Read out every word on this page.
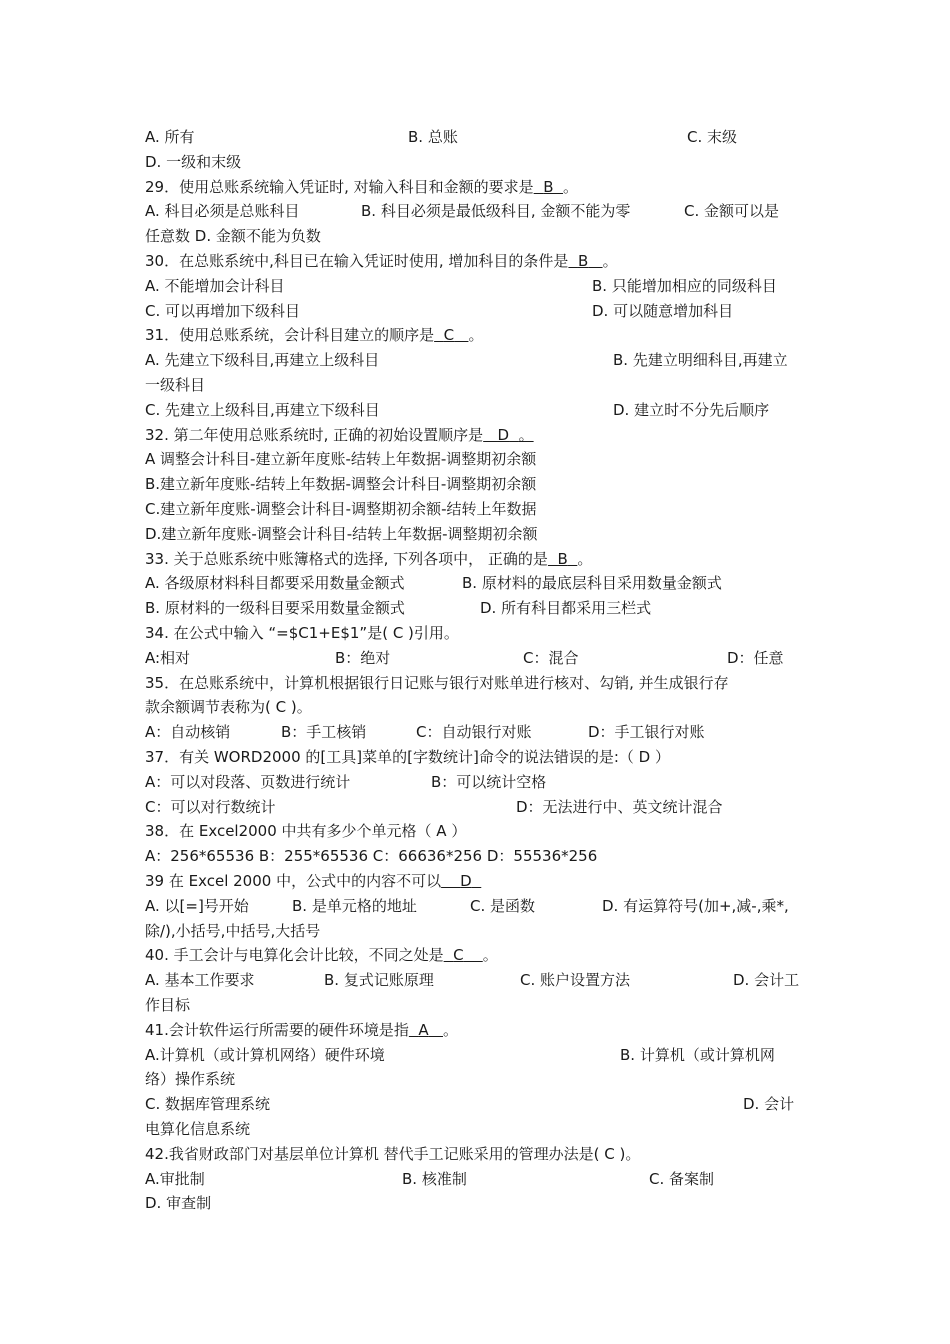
A. 所有	B. 总账	C. 末级
D. 一级和末级
29．使用总账系统输入凭证时, 对输入科目和金额的要求是 B 。
A. 科目必须是总账科目	B. 科目必须是最低级科目, 金额不能为零	C. 金额可以是
任意数 D. 金额不能为负数
30．在总账系统中,科目已在输入凭证时使用, 增加科目的条件是 B 。
A. 不能增加会计科目	B. 只能增加相应的同级科目
C. 可以再增加下级科目	D. 可以随意增加科目
31．使用总账系统，会计科目建立的顺序是 C 。
A. 先建立下级科目,再建立上级科目	B. 先建立明细科目,再建立
一级科目
C. 先建立上级科目,再建立下级科目	D. 建立时不分先后顺序
32. 第二年使用总账系统时, 正确的初始设置顺序是 D 。
A 调整会计科目-建立新年度账-结转上年数据-调整期初余额
B.建立新年度账-结转上年数据-调整会计科目-调整期初余额
C.建立新年度账-调整会计科目-调整期初余额-结转上年数据
D.建立新年度账-调整会计科目-结转上年数据-调整期初余额
33. 关于总账系统中账簿格式的选择, 下列各项中， 正确的是 B 。
A. 各级原材料科目都要采用数量金额式	B. 原材料的最底层科目采用数量金额式
B. 原材料的一级科目要采用数量金额式	D. 所有科目都采用三栏式
34. 在公式中输入 “=$C1+E$1”是( C )引用。
A:相对	B：绝对	C：混合	D：任意
35．在总账系统中，计算机根据银行日记账与银行对账单进行核对、勾销, 并生成银行存
款余额调节表称为( C )。
A：自动核销	B：手工核销	C：自动银行对账	D：手工银行对账
37．有关 WORD2000 的[工具]菜单的[字数统计]命令的说法错误的是:（ D ）
A：可以对段落、页数进行统计	B：可以统计空格
C：可以对行数统计	D：无法进行中、英文统计混合
38．在 Excel2000 中共有多少个单元格（ A ）
A：256*65536 B：255*65536 C：66636*256 D：55536*256
39 在 Excel 2000 中，公式中的内容不可以 D
A. 以[=]号开始	B. 是单元格的地址	C. 是函数	D. 有运算符号(加+,减-,乘*,
除/),小括号,中括号,大括号
40. 手工会计与电算化会计比较，不同之处是 C 。
A. 基本工作要求	B. 复式记账原理	C. 账户设置方法	D. 会计工
作目标
41.会计软件运行所需要的硬件环境是指 A 。
A.计算机（或计算机网络）硬件环境	B. 计算机（或计算机网
络）操作系统
C. 数据库管理系统	D. 会计
电算化信息系统
42.我省财政部门对基层单位计算机 替代手工记账采用的管理办法是( C )。
A.审批制	B. 核准制	C. 备案制
D. 审查制
